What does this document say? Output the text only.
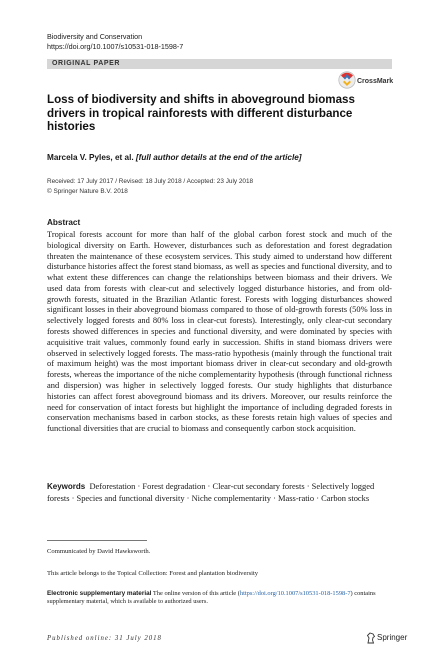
Biodiversity and Conservation
https://doi.org/10.1007/s10531-018-1598-7
ORIGINAL PAPER
CrossMark
Loss of biodiversity and shifts in aboveground biomass drivers in tropical rainforests with different disturbance histories
Marcela V. Pyles, et al. [full author details at the end of the article]
Received: 17 July 2017 / Revised: 18 July 2018 / Accepted: 23 July 2018
© Springer Nature B.V. 2018
Abstract
Tropical forests account for more than half of the global carbon forest stock and much of the biological diversity on Earth. However, disturbances such as deforestation and forest degradation threaten the maintenance of these ecosystem services. This study aimed to understand how different disturbance histories affect the forest stand biomass, as well as species and functional diversity, and to what extent these differences can change the relationships between biomass and their drivers. We used data from forests with clear-cut and selectively logged disturbance histories, and from old-growth forests, situated in the Brazilian Atlantic forest. Forests with logging disturbances showed significant losses in their aboveground biomass compared to those of old-growth forests (50% loss in selectively logged forests and 80% loss in clear-cut forests). Interestingly, only clear-cut secondary forests showed differences in species and functional diversity, and were dominated by species with acquisitive trait values, commonly found early in succession. Shifts in stand biomass drivers were observed in selectively logged forests. The mass-ratio hypothesis (mainly through the functional trait of maximum height) was the most important biomass driver in clear-cut secondary and old-growth forests, whereas the importance of the niche complementarity hypothesis (through functional richness and dispersion) was higher in selectively logged forests. Our study highlights that disturbance histories can affect forest aboveground biomass and its drivers. Moreover, our results reinforce the need for conservation of intact forests but highlight the importance of including degraded forests in conservation mechanisms based in carbon stocks, as these forests retain high values of species and functional diversities that are crucial to biomass and consequently carbon stock acquisition.
Keywords Deforestation · Forest degradation · Clear-cut secondary forests · Selectively logged forests · Species and functional diversity · Niche complementarity · Mass-ratio · Carbon stocks
Communicated by David Hawksworth.
This article belongs to the Topical Collection: Forest and plantation biodiversity
Electronic supplementary material The online version of this article (https://doi.org/10.1007/s10531-018-1598-7) contains supplementary material, which is available to authorized users.
Published online: 31 July 2018	Springer
